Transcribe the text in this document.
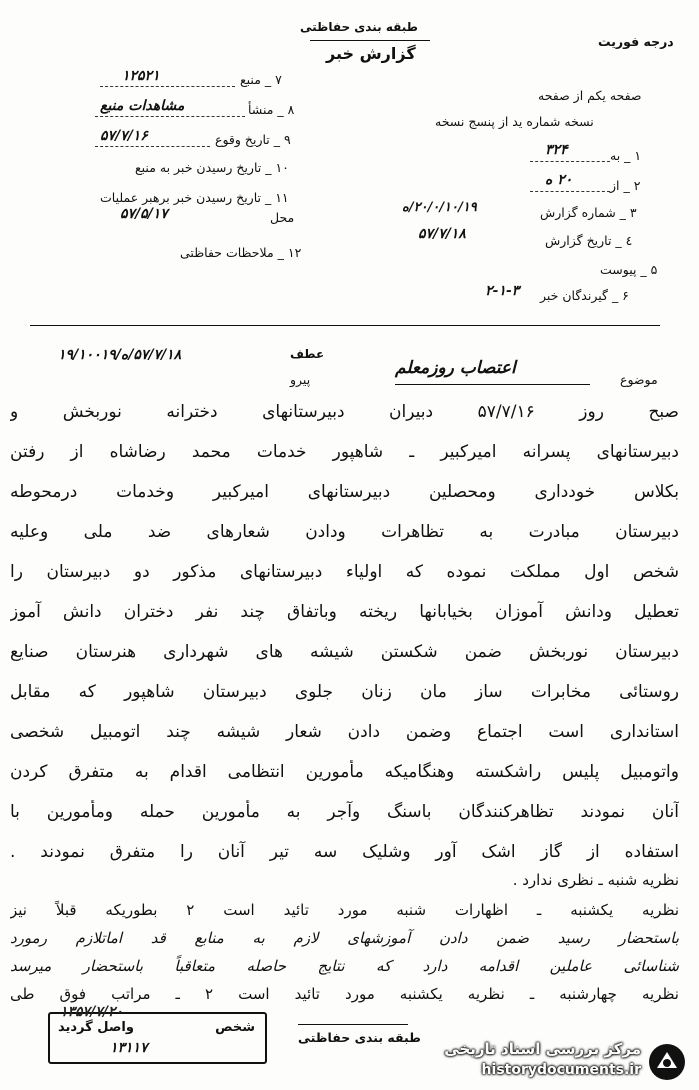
طبقه بندی حفاظتی
گزارش خبر
درجه فوریت
۷ _ منبع
۱۲۵۲۱
۸ _ منشأ
مشاهدات منبع
۹ _ تاریخ وقوع
۵۷/۷/۱۶
۱۰ _ تاریخ رسیدن خبر به منبع
۱۱ _ تاریخ رسیدن خبر برهبر عملیات
محل
۵۷/۵/۱۷
۱۲ _ ملاحظات حفاظتی
صفحه یکم از صفحه
نسخه شماره ید از پنسج نسخه
۱ _ به
۳۲۴
۲ _ از
۲۰ ه
۳ _ شماره گزارش
۲۰/۰/۱۰/۱۹/ه
٤ _ تاریخ گزارش
۵۷/۷/۱۸
۵ _ پیوست
۶ _ گیرندگان خبر
۲-۱-۳
موضوع
اعتصاب روزمعلم
عطف
۵۷/۷/۱۸/ه/۱۹/۱۰۰۱۹
پیرو
صبح روز ۵۷/۷/۱۶ دبیران دبیرستانهای دخترانه نوربخش و
دبیرستانهای پسرانه امیرکبیر ـ شاهپور خدمات محمد رضاشاه از رفتن
بکلاس خودداری ومحصلین دبیرستانهای امیرکبیر وخدمات درمحوطه
دبیرستان مبادرت به تظاهرات ودادن شعارهای ضد ملی وعلیه
شخص اول مملکت نموده که اولیاء دبیرستانهای مذکور دو دبیرستان را
تعطیل ودانش آموزان بخیابانها ریخته وباتفاق چند نفر دختران دانش آموز
دبیرستان نوربخش ضمن شکستن شیشه های شهرداری هنرستان صنایع
روستائی مخابرات ساز مان زنان جلوی دبیرستان شاهپور که مقابل
استانداری است اجتماع وضمن دادن شعار شیشه چند اتومبیل شخصی
واتومبیل پلیس راشکسته وهنگامیکه مأمورین انتظامی اقدام به متفرق کردن
آنان نمودند تظاهرکنندگان باسنگ وآجر به مأمورین حمله ومأمورین با
استفاده از گاز اشک آور وشلیک سه تیر آنان را متفرق نمودند .
نظریه شنبه ـ نظری ندارد .
نظریه یکشنبه ـ اظهارات شنبه مورد تائید است ۲ بطوریکه قبلاً نیز
باستحضار رسید ضمن دادن آموزشهای لازم به منابع قد اماتلازم رمورد
شناسائی عاملین اقدامه دارد که نتایج حاصله متعاقباً باستحضار میرسد
نظریه چهارشنبه ـ نظریه یکشنبه مورد تائید است ۲ ـ مراتب فوق طی
واصل گردید	شخص
۱۳۱۱۷
۱۳۵۷/۷/۲۰
طبقه بندی حفاظتی
مرکز بررسی اسناد تاریخی
historydocuments.ir
